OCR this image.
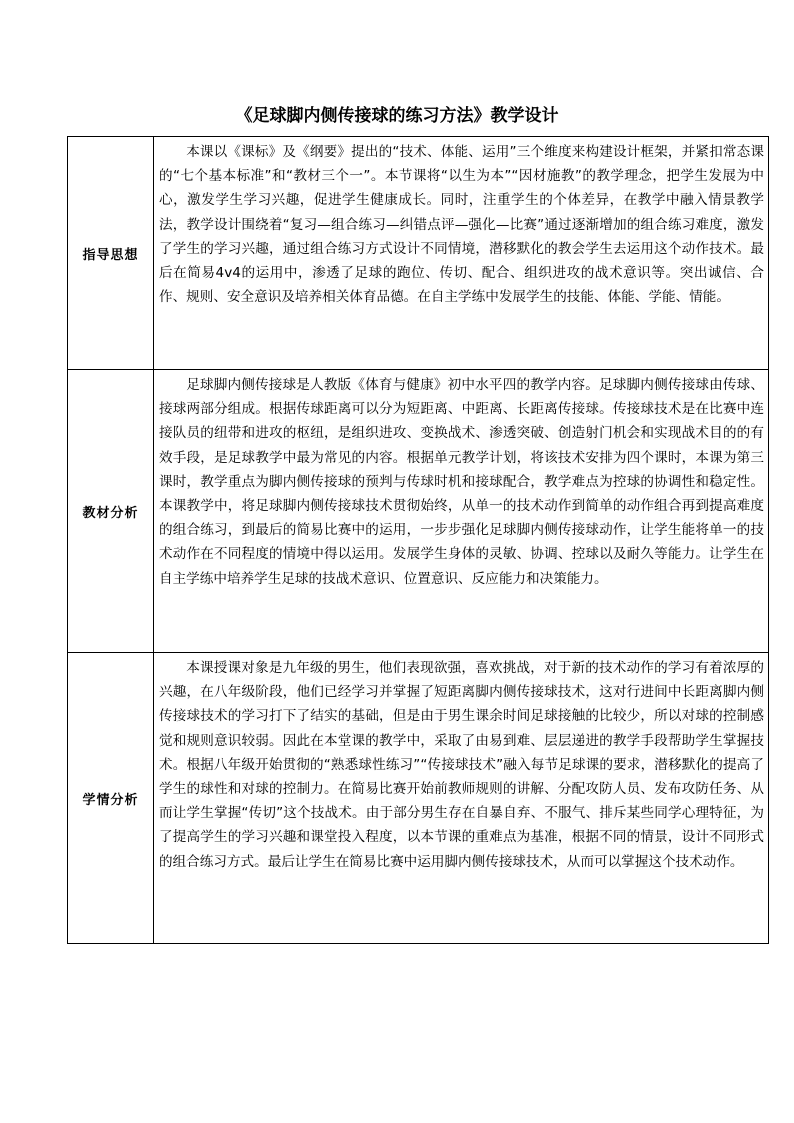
《足球脚内侧传接球的练习方法》教学设计
指导思想	本课以《课标》及《纲要》提出的“技术、体能、运用”三个维度来构建设计框架，并紧扣常态课的“七个基本标准”和“教材三个一”。本节课将“以生为本”“因材施教”的教学理念，把学生发展为中心，激发学生学习兴趣，促进学生健康成长。同时，注重学生的个体差异，在教学中融入情景教学法，教学设计围绕着“复习—组合练习—纠错点评—强化—比赛”通过逐渐增加的组合练习难度，激发了学生的学习兴趣，通过组合练习方式设计不同情境，潜移默化的教会学生去运用这个动作技术。最后在简易4v4的运用中，渗透了足球的跑位、传切、配合、组织进攻的战术意识等。突出诚信、合作、规则、安全意识及培养相关体育品德。在自主学练中发展学生的技能、体能、学能、情能。

教材分析	足球脚内侧传接球是人教版《体育与健康》初中水平四的教学内容。足球脚内侧传接球由传球、接球两部分组成。根据传球距离可以分为短距离、中距离、长距离传接球。传接球技术是在比赛中连接队员的纽带和进攻的枢纽，是组织进攻、变换战术、渗透突破、创造射门机会和实现战术目的的有效手段，是足球教学中最为常见的内容。根据单元教学计划，将该技术安排为四个课时，本课为第三课时，教学重点为脚内侧传接球的预判与传球时机和接球配合，教学难点为控球的协调性和稳定性。本课教学中，将足球脚内侧传接球技术贯彻始终，从单一的技术动作到简单的动作组合再到提高难度的组合练习，到最后的简易比赛中的运用，一步步强化足球脚内侧传接球动作，让学生能将单一的技术动作在不同程度的情境中得以运用。发展学生身体的灵敏、协调、控球以及耐久等能力。让学生在自主学练中培养学生足球的技战术意识、位置意识、反应能力和决策能力。

学情分析	本课授课对象是九年级的男生，他们表现欲强，喜欢挑战，对于新的技术动作的学习有着浓厚的兴趣，在八年级阶段，他们已经学习并掌握了短距离脚内侧传接球技术，这对行进间中长距离脚内侧传接球技术的学习打下了结实的基础，但是由于男生课余时间足球接触的比较少，所以对球的控制感觉和规则意识较弱。因此在本堂课的教学中，采取了由易到难、层层递进的教学手段帮助学生掌握技术。根据八年级开始贯彻的“熟悉球性练习”“传接球技术”融入每节足球课的要求，潜移默化的提高了学生的球性和对球的控制力。在简易比赛开始前教师规则的讲解、分配攻防人员、发布攻防任务、从而让学生掌握“传切”这个技战术。由于部分男生存在自暴自弃、不服气、排斥某些同学心理特征，为了提高学生的学习兴趣和课堂投入程度，以本节课的重难点为基准，根据不同的情景，设计不同形式的组合练习方式。最后让学生在简易比赛中运用脚内侧传接球技术，从而可以掌握这个技术动作。
